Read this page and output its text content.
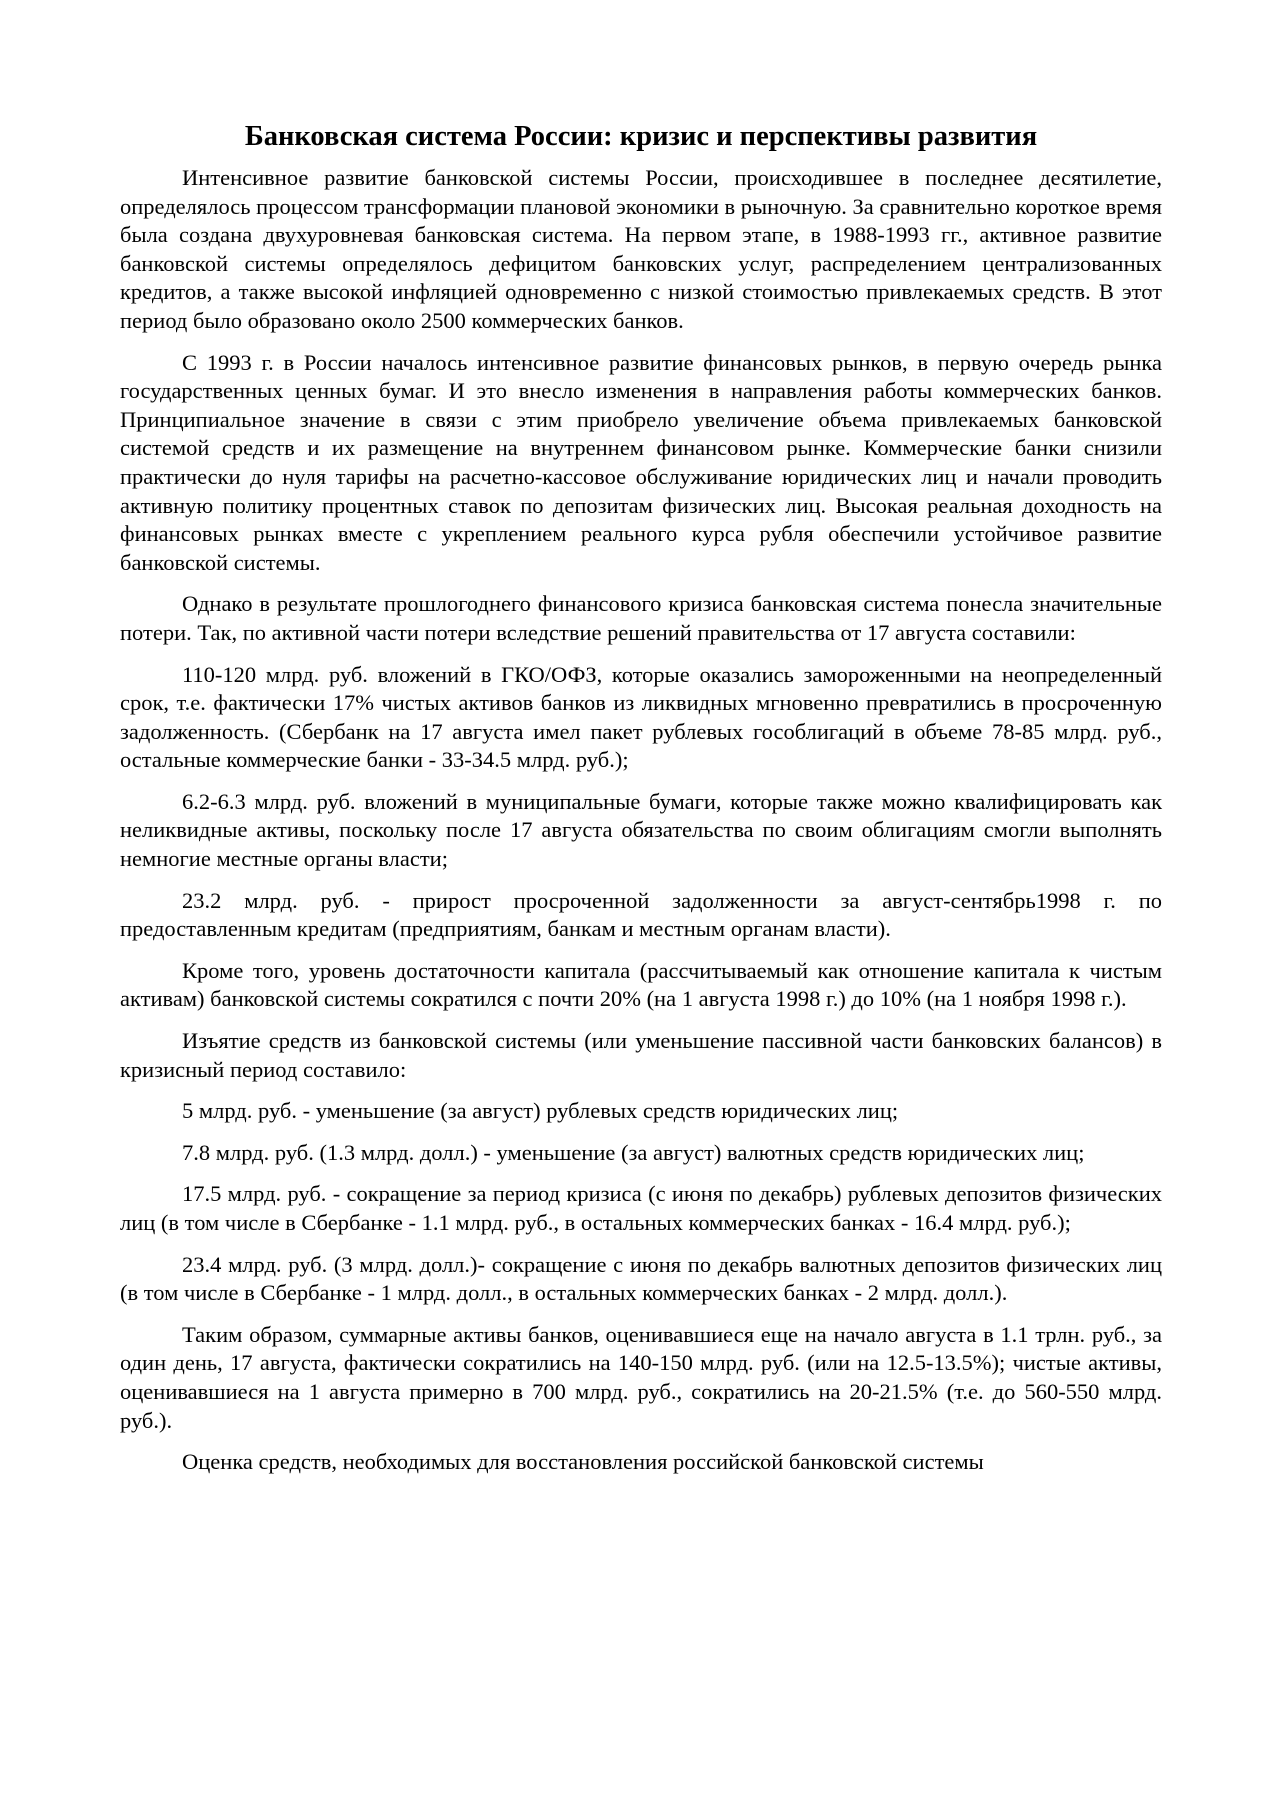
Банковская система России: кризис и перспективы развития

Интенсивное развитие банковской системы России, происходившее в последнее десятилетие, определялось процессом трансформации плановой экономики в рыночную. За сравнительно короткое время была создана двухуровневая банковская система. На первом этапе, в 1988-1993 гг., активное развитие банковской системы определялось дефицитом банковских услуг, распределением централизованных кредитов, а также высокой инфляцией одновременно с низкой стоимостью привлекаемых средств. В этот период было образовано около 2500 коммерческих банков.

С 1993 г. в России началось интенсивное развитие финансовых рынков, в первую очередь рынка государственных ценных бумаг. И это внесло изменения в направления работы коммерческих банков. Принципиальное значение в связи с этим приобрело увеличение объема привлекаемых банковской системой средств и их размещение на внутреннем финансовом рынке. Коммерческие банки снизили практически до нуля тарифы на расчетно-кассовое обслуживание юридических лиц и начали проводить активную политику процентных ставок по депозитам физических лиц. Высокая реальная доходность на финансовых рынках вместе с укреплением реального курса рубля обеспечили устойчивое развитие банковской системы.

Однако в результате прошлогоднего финансового кризиса банковская система понесла значительные потери. Так, по активной части потери вследствие решений правительства от 17 августа составили:

110-120 млрд. руб. вложений в ГКО/ОФЗ, которые оказались замороженными на неопределенный срок, т.е. фактически 17% чистых активов банков из ликвидных мгновенно превратились в просроченную задолженность. (Сбербанк на 17 августа имел пакет рублевых гособлигаций в объеме 78-85 млрд. руб., остальные коммерческие банки - 33-34.5 млрд. руб.);

6.2-6.3 млрд. руб. вложений в муниципальные бумаги, которые также можно квалифицировать как неликвидные активы, поскольку после 17 августа обязательства по своим облигациям смогли выполнять немногие местные органы власти;

23.2 млрд. руб. - прирост просроченной задолженности за август-сентябрь1998 г. по предоставленным кредитам (предприятиям, банкам и местным органам власти).

Кроме того, уровень достаточности капитала (рассчитываемый как отношение капитала к чистым активам) банковской системы сократился с почти 20% (на 1 августа 1998 г.) до 10% (на 1 ноября 1998 г.).

Изъятие средств из банковской системы (или уменьшение пассивной части банковских балансов) в кризисный период составило:

5 млрд. руб. - уменьшение (за август) рублевых средств юридических лиц;

7.8 млрд. руб. (1.3 млрд. долл.) - уменьшение (за август) валютных средств юридических лиц;

17.5 млрд. руб. - сокращение за период кризиса (с июня по декабрь) рублевых депозитов физических лиц (в том числе в Сбербанке - 1.1 млрд. руб., в остальных коммерческих банках - 16.4 млрд. руб.);

23.4 млрд. руб. (3 млрд. долл.)- сокращение с июня по декабрь валютных депозитов физических лиц (в том числе в Сбербанке - 1 млрд. долл., в остальных коммерческих банках - 2 млрд. долл.).

Таким образом, суммарные активы банков, оценивавшиеся еще на начало августа в 1.1 трлн. руб., за один день, 17 августа, фактически сократились на 140-150 млрд. руб. (или на 12.5-13.5%); чистые активы, оценивавшиеся на 1 августа примерно в 700 млрд. руб., сократились на 20-21.5% (т.е. до 560-550 млрд. руб.).

Оценка средств, необходимых для восстановления российской банковской системы
